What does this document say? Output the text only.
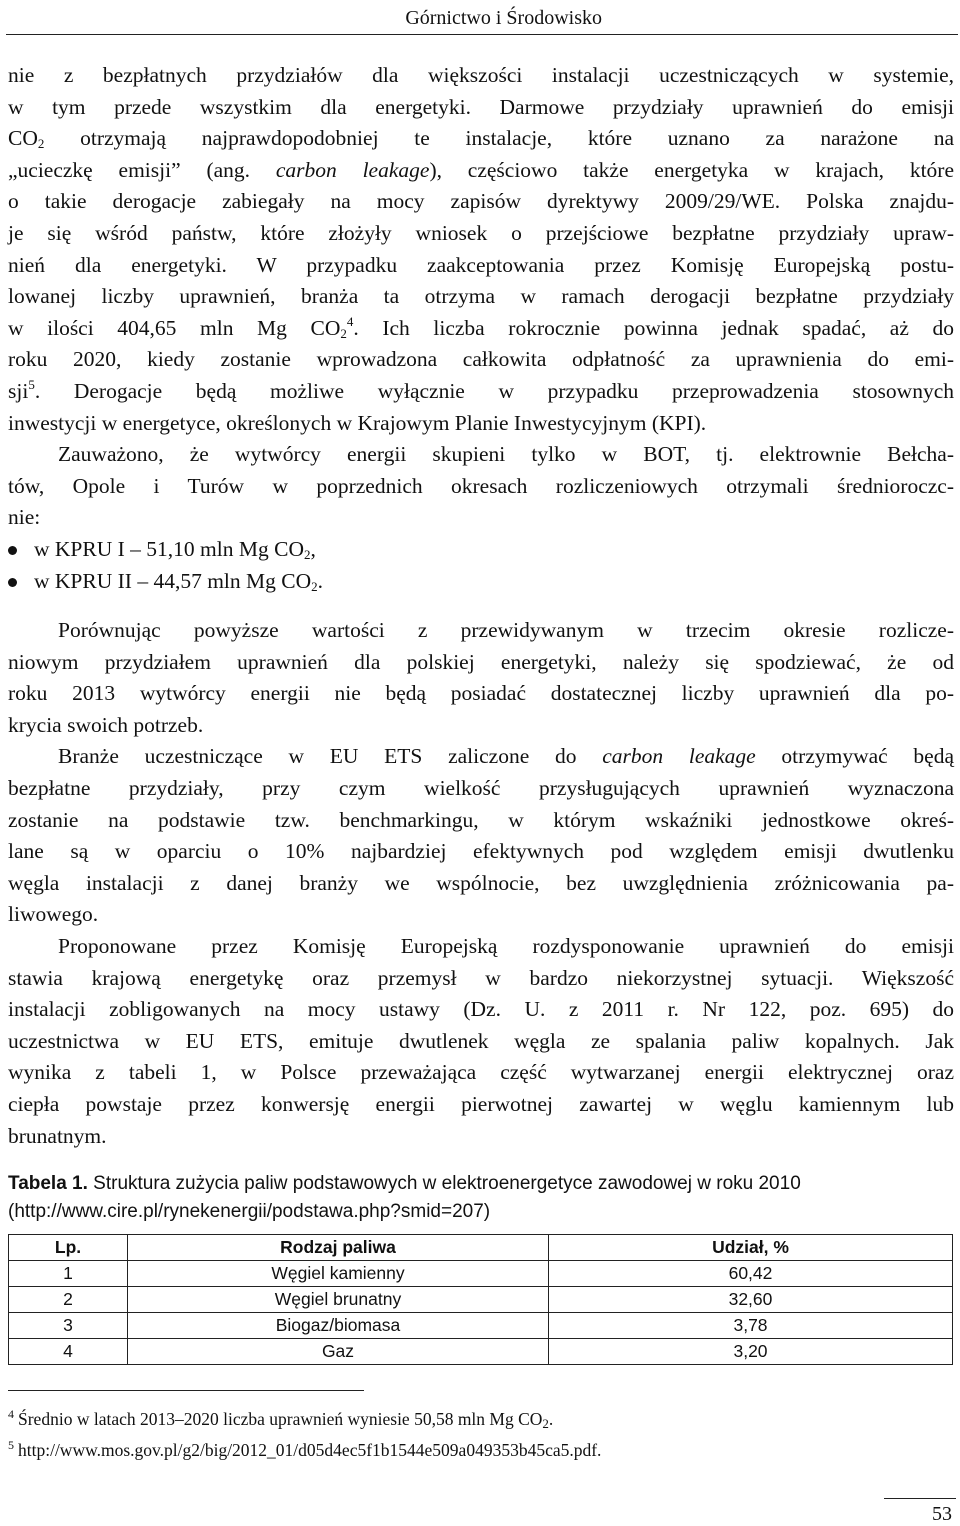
Górnictwo i Środowisko
nie z bezpłatnych przydziałów dla większości instalacji uczestniczących w systemie,
w tym przede wszystkim dla energetyki. Darmowe przydziały uprawnień do emisji
$CO_2$ otrzymają najprawdopodobniej te instalacje, które uznano za narażone na
„ucieczkę emisji” (ang. carbon leakage), częściowo także energetyka w krajach, które
o takie derogacje zabiegały na mocy zapisów dyrektywy 2009/29/WE. Polska znajdu-
je się wśród państw, które złożyły wniosek o przejściowe bezpłatne przydziały upraw-
nień dla energetyki. W przypadku zaakceptowania przez Komisję Europejską postu-
lowanej liczby uprawnień, branża ta otrzyma w ramach derogacji bezpłatne przydziały
w ilości 404,65 mln Mg $CO_2^4$. Ich liczba rokrocznie powinna jednak spadać, aż do
roku 2020, kiedy zostanie wprowadzona całkowita odpłatność za uprawnienia do emi-
sji$^5$. Derogacje będą możliwe wyłącznie w przypadku przeprowadzenia stosownych
inwestycji w energetyce, określonych w Krajowym Planie Inwestycyjnym (KPI).
Zauważono, że wytwórcy energii skupieni tylko w BOT, tj. elektrownie Bełcha-
tów, Opole i Turów w poprzednich okresach rozliczeniowych otrzymali średnioroczc-
nie:
w KPRU I – 51,10 mln Mg $CO_2$,
w KPRU II – 44,57 mln Mg $CO_2$.
Porównując powyższe wartości z przewidywanym w trzecim okresie rozlicze-
niowym przydziałem uprawnień dla polskiej energetyki, należy się spodziewać, że od
roku 2013 wytwórcy energii nie będą posiadać dostatecznej liczby uprawnień dla po-
krycia swoich potrzeb.
Branże uczestniczące w EU ETS zaliczone do carbon leakage otrzymywać będą
bezpłatne przydziały, przy czym wielkość przysługujących uprawnień wyznaczona
zostanie na podstawie tzw. benchmarkingu, w którym wskaźniki jednostkowe okreś-
lane są w oparciu o 10% najbardziej efektywnych pod względem emisji dwutlenku
węgla instalacji z danej branży we wspólnocie, bez uwzględnienia zróżnicowania pa-
liwowego.
Proponowane przez Komisję Europejską rozdysponowanie uprawnień do emisji
stawia krajową energetykę oraz przemysł w bardzo niekorzystnej sytuacji. Większość
instalacji zobligowanych na mocy ustawy (Dz. U. z 2011 r. Nr 122, poz. 695) do
uczestnictwa w EU ETS, emituje dwutlenek węgla ze spalania paliw kopalnych. Jak
wynika z tabeli 1, w Polsce przeważająca część wytwarzanej energii elektrycznej oraz
ciepła powstaje przez konwersję energii pierwotnej zawartej w węglu kamiennym lub
brunatnym.
Tabela 1. Struktura zużycia paliw podstawowych w elektroenergetyce zawodowej w roku 2010
(http://www.cire.pl/rynekenergii/podstawa.php?smid=207)
Lp.	Rodzaj paliwa	Udział, %
1	Węgiel kamienny	60,42
2	Węgiel brunatny	32,60
3	Biogaz/biomasa	3,78
4	Gaz	3,20
$^4$ Średnio w latach 2013–2020 liczba uprawnień wyniesie 50,58 mln Mg $CO_2$.
$^5$ http://www.mos.gov.pl/g2/big/2012_01/d05d4ec5f1b1544e509a049353b45ca5.pdf.
53
